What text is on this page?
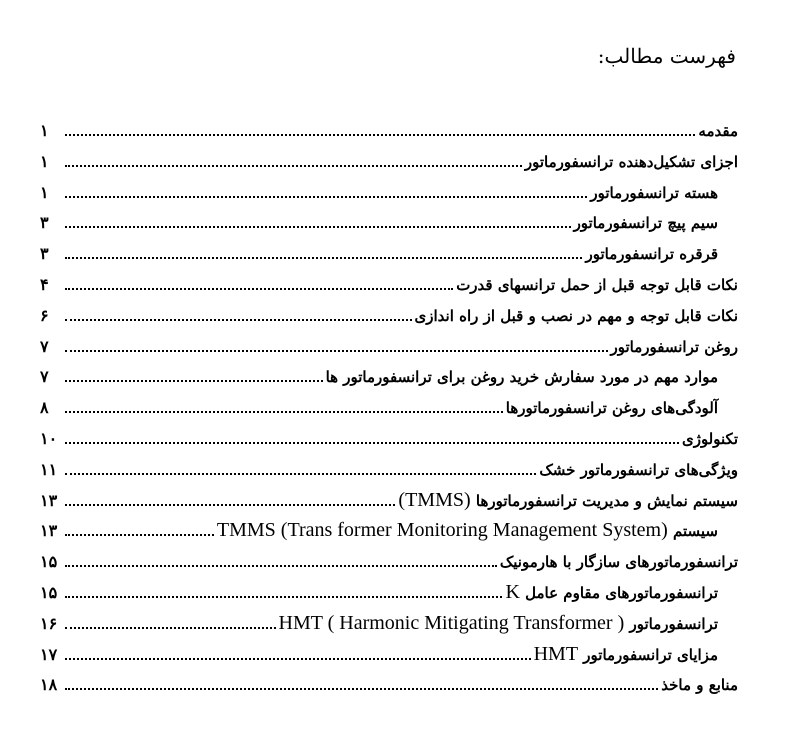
فهرست مطالب:
مقدمه
١
اجزای تشکیل‌دهنده ترانسفورماتور
١
هسته ترانسفورماتور
١
سیم پیچ ترانسفورماتور
٣
قرقره ترانسفورماتور
٣
نکات قابل توجه قبل از حمل ترانسهای قدرت
۴
نکات قابل توجه و مهم در نصب و قبل از راه اندازی
۶
روغن ترانسفورماتور
٧
موارد مهم در مورد سفارش خرید روغن برای ترانسفورماتور ها
٧
آلودگی‌های روغن ترانسفورماتورها
٨
تکنولوژی
١٠
ویژگی‌های ترانسفورماتور خشک
١١
سیستم نمایش و مدیریت ترانسفورماتورها (TMMS)
١٣
سیستم TMMS (Trans former Monitoring Management System)
١٣
ترانسفورماتورهای سازگار با هارمونیک
١۵
ترانسفورماتورهای مقاوم عامل K
١۵
ترانسفورماتور HMT ( Harmonic Mitigating Transformer )
١۶
مزایای ترانسفورماتور HMT
١٧
منابع و ماخذ
١٨
